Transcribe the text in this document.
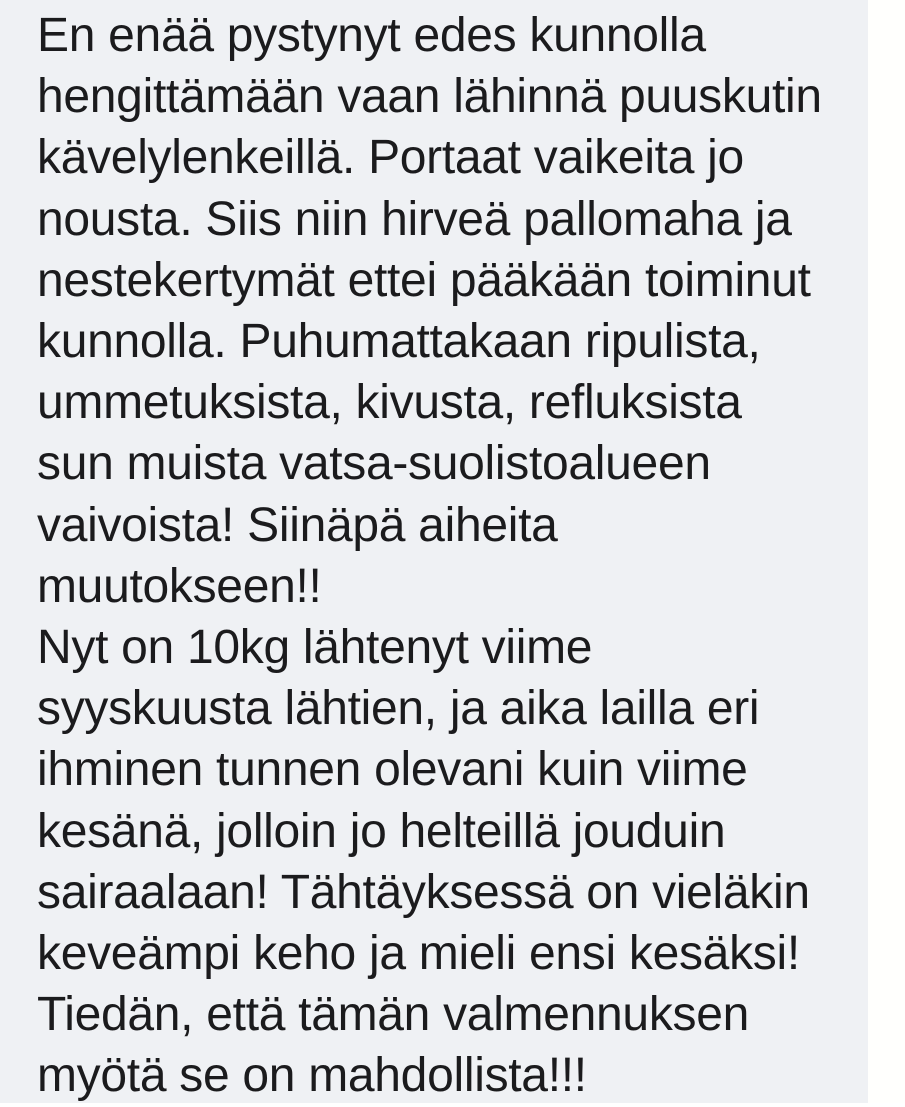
En enää pystynyt edes kunnolla
hengittämään vaan lähinnä puuskutin
kävelylenkeillä. Portaat vaikeita jo
nousta. Siis niin hirveä pallomaha ja
nestekertymät ettei pääkään toiminut
kunnolla. Puhumattakaan ripulista,
ummetuksista, kivusta, refluksista
sun muista vatsa-suolistoalueen
vaivoista! Siinäpä aiheita
muutokseen!!
Nyt on 10kg lähtenyt viime
syyskuusta lähtien, ja aika lailla eri
ihminen tunnen olevani kuin viime
kesänä, jolloin jo helteillä jouduin
sairaalaan! Tähtäyksessä on vieläkin
keveämpi keho ja mieli ensi kesäksi!
Tiedän, että tämän valmennuksen
myötä se on mahdollista!!!
